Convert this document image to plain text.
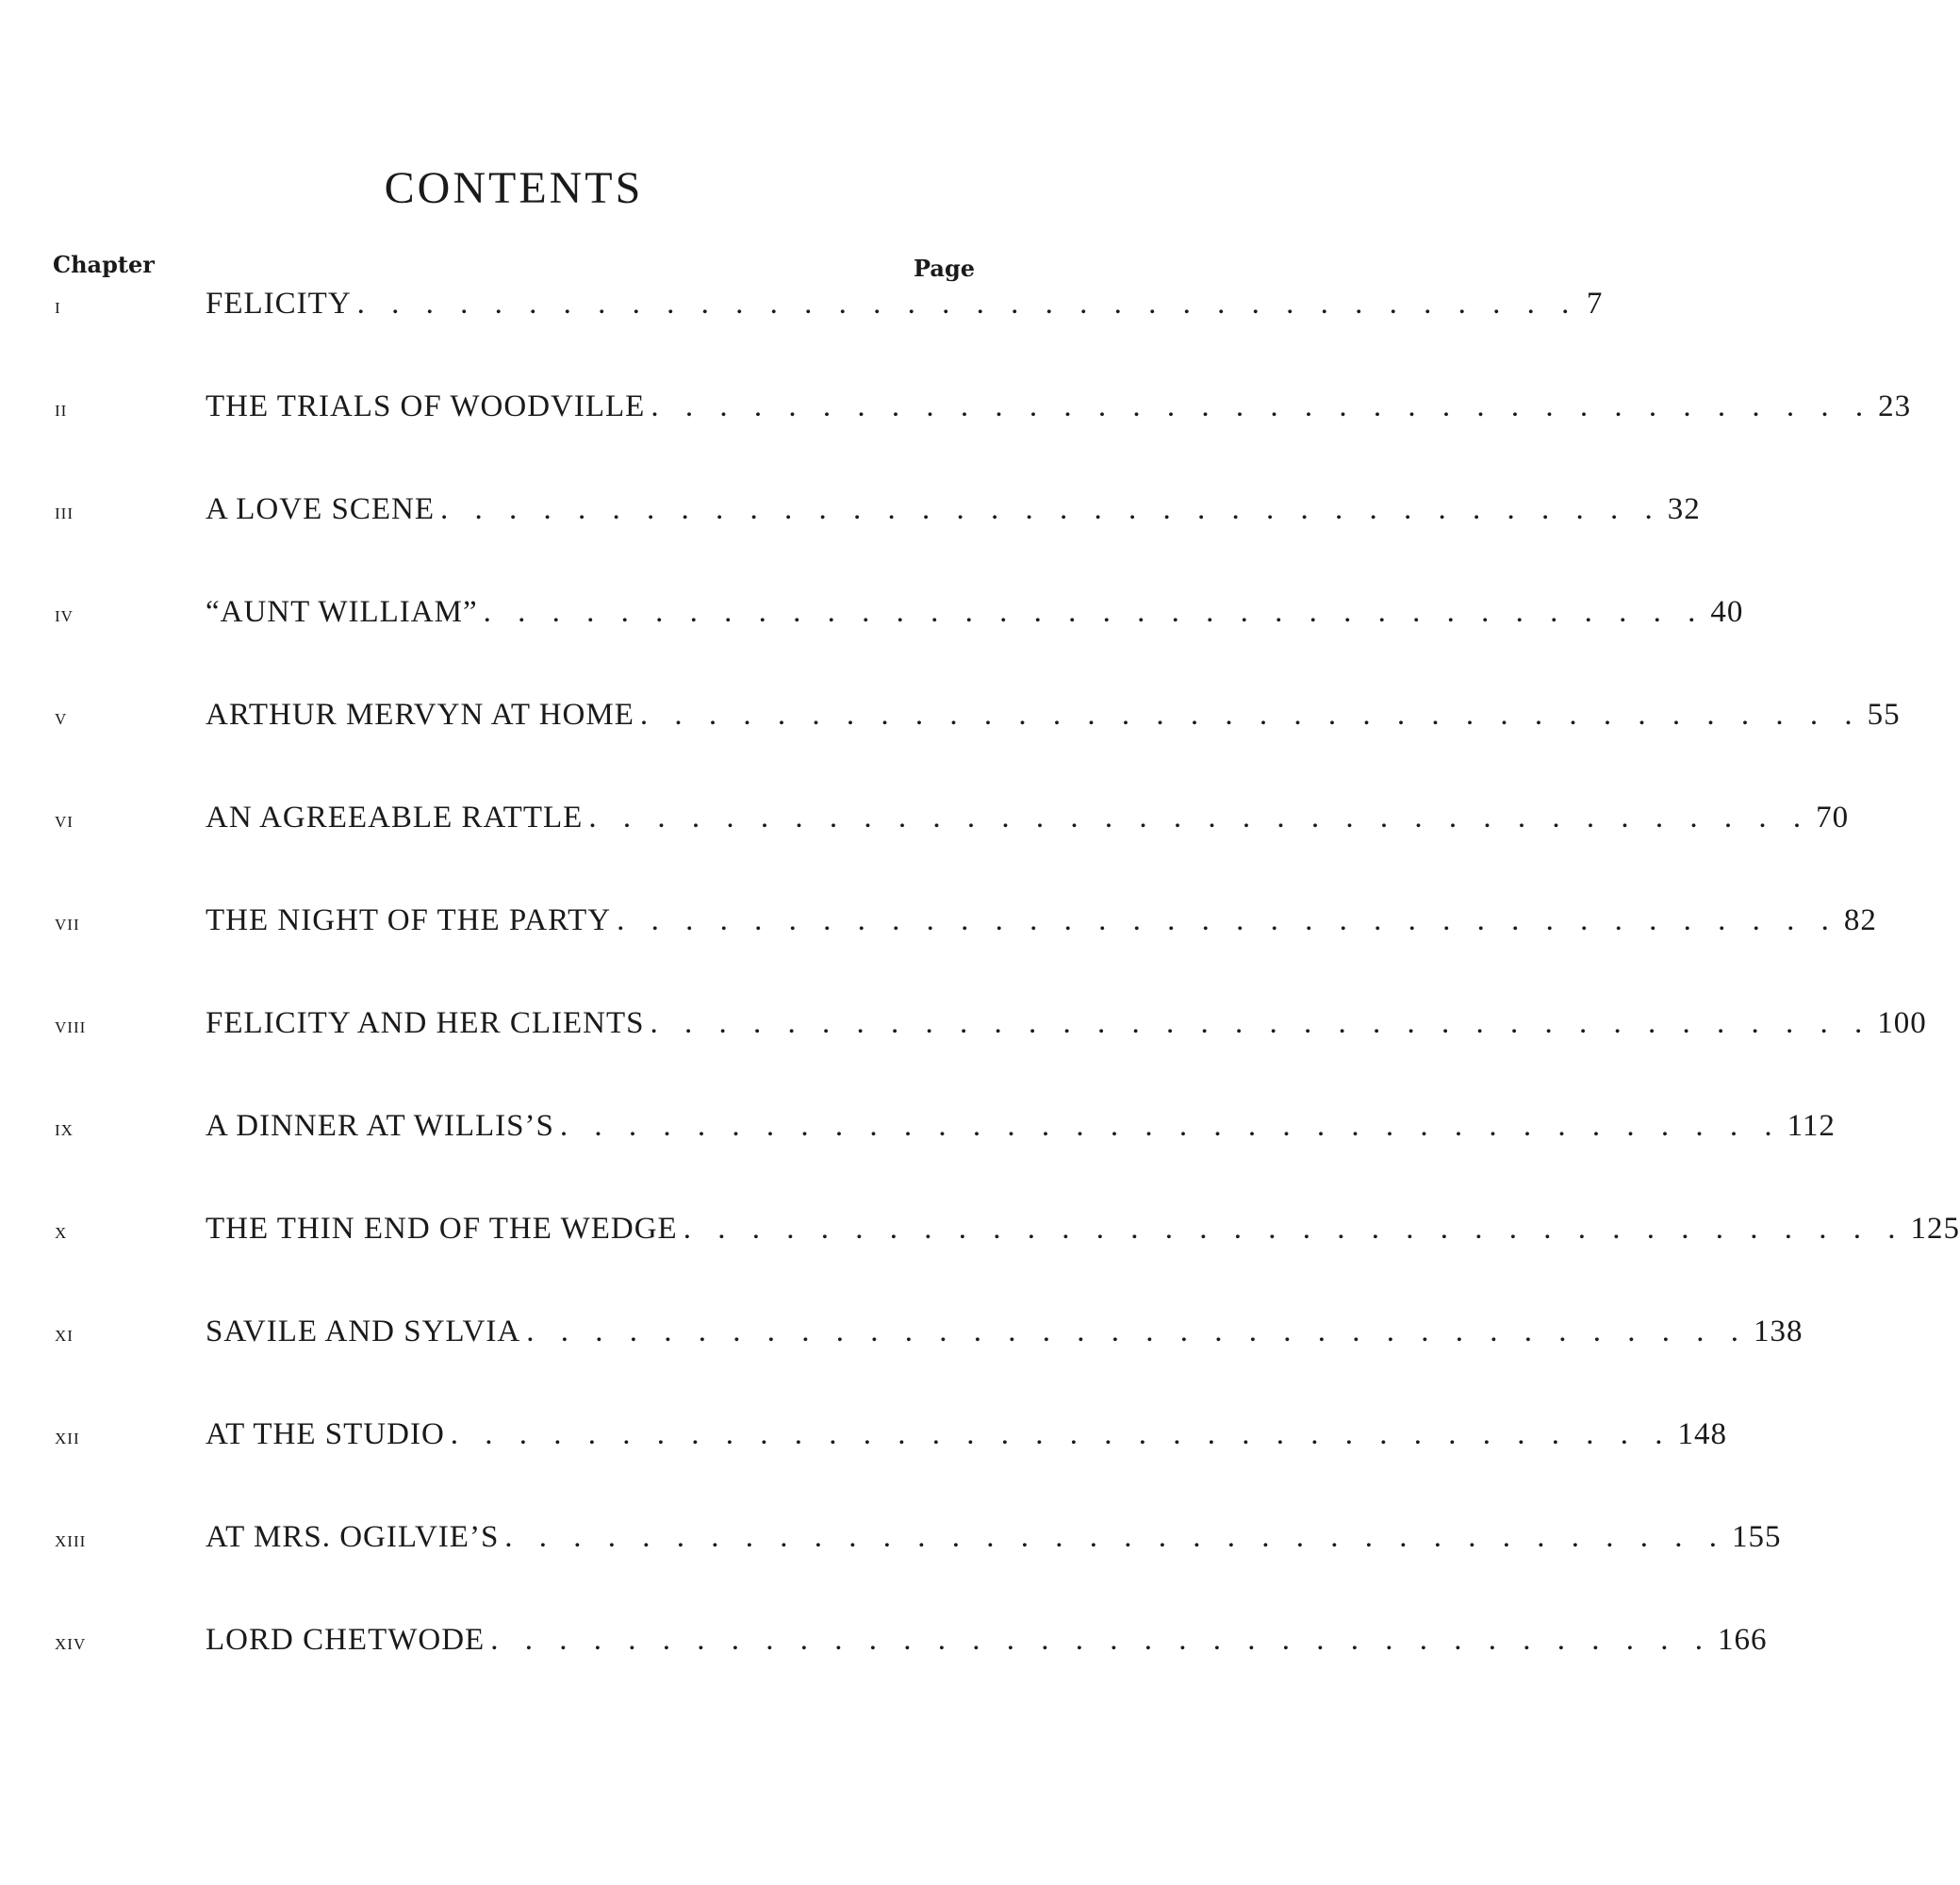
CONTENTS
Chapter	Page
i	FELICITY . . . . . . . . . . . . . . . . . . . . . . . . . . . . . . . . . . . . 7
ii	THE TRIALS OF WOODVILLE . . . . . . . . . . . . . . . . . . . . . . . . . . . . . . . . . . . . 23
iii	A LOVE SCENE . . . . . . . . . . . . . . . . . . . . . . . . . . . . . . . . . . . . 32
iv	“AUNT WILLIAM” . . . . . . . . . . . . . . . . . . . . . . . . . . . . . . . . . . . . 40
v	ARTHUR MERVYN AT HOME . . . . . . . . . . . . . . . . . . . . . . . . . . . . . . . . . . . . 55
vi	AN AGREEABLE RATTLE . . . . . . . . . . . . . . . . . . . . . . . . . . . . . . . . . . . . 70
vii	THE NIGHT OF THE PARTY . . . . . . . . . . . . . . . . . . . . . . . . . . . . . . . . . . . . 82
viii	FELICITY AND HER CLIENTS . . . . . . . . . . . . . . . . . . . . . . . . . . . . . . . . . . . . 100
ix	A DINNER AT WILLIS’S . . . . . . . . . . . . . . . . . . . . . . . . . . . . . . . . . . . . 112
x	THE THIN END OF THE WEDGE . . . . . . . . . . . . . . . . . . . . . . . . . . . . . . . . . . . . 125
xi	SAVILE AND SYLVIA . . . . . . . . . . . . . . . . . . . . . . . . . . . . . . . . . . . . 138
xii	AT THE STUDIO . . . . . . . . . . . . . . . . . . . . . . . . . . . . . . . . . . . . 148
xiii	AT MRS. OGILVIE’S . . . . . . . . . . . . . . . . . . . . . . . . . . . . . . . . . . . . 155
xiv	LORD CHETWODE . . . . . . . . . . . . . . . . . . . . . . . . . . . . . . . . . . . . 166
